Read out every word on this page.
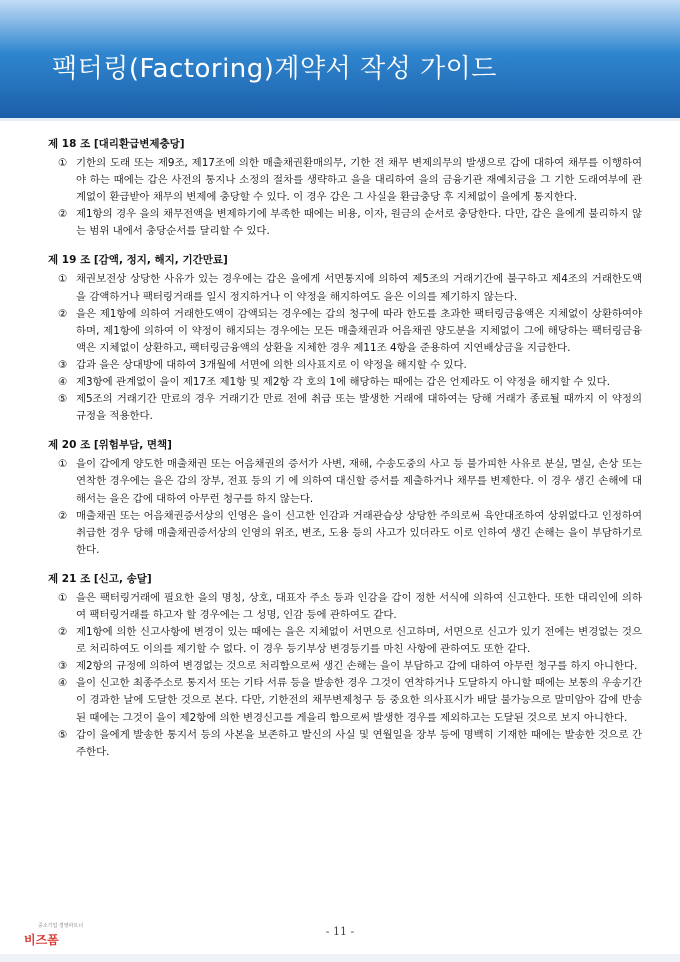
팩터링(Factoring)계약서 작성 가이드
제 18 조 [대리환급변제충당]
① 기한의 도래 또는 제9조, 제17조에 의한 매출채권환매의무, 기한 전 채무 변제의무의 발생으로 갑에 대하여 채무를 이행하여야 하는 때에는 갑은 사전의 통지나 소정의 절차를 생략하고 을을 대리하여 을의 금융기관 재예치금을 그 기한 도래여부에 관계없이 환급받아 채무의 변제에 충당할 수 있다. 이 경우 갑은 그 사실을 환급충당 후 지체없이 을에게 통지한다.
② 제1항의 경우 을의 채무전액을 변제하기에 부족한 때에는 비용, 이자, 원금의 순서로 충당한다. 다만, 갑은 을에게 불리하지 않는 범위 내에서 충당순서를 달리할 수 있다.
제 19 조 [감액, 정지, 해지, 기간만료]
① 채권보전상 상당한 사유가 있는 경우에는 갑은 을에게 서면통지에 의하여 제5조의 거래기간에 불구하고 제4조의 거래한도액을 감액하거나 팩터링거래를 일시 정지하거나 이 약정을 해지하여도 을은 이의를 제기하지 않는다.
② 을은 제1항에 의하여 거래한도액이 감액되는 경우에는 갑의 청구에 따라 한도를 초과한 팩터링금융액은 지체없이 상환하여야 하며, 제1항에 의하여 이 약정이 해지되는 경우에는 모든 매출채권과 어음채권 양도분을 지체없이 그에 해당하는 팩터링금융액은 지체없이 상환하고, 팩터링금융액의 상환을 지체한 경우 제11조 4항을 준용하여 지연배상금을 지급한다.
③ 갑과 을은 상대방에 대하여 3개월에 서면에 의한 의사표지로 이 약정을 해지할 수 있다.
④ 제3항에 관계없이 을이 제17조 제1항 및 제2항 각 호의 1에 해당하는 때에는 갑은 언제라도 이 약정을 해지할 수 있다.
⑤ 제5조의 거래기간 만료의 경우 거래기간 만료 전에 취급 또는 발생한 거래에 대하여는 당해 거래가 종료될 때까지 이 약정의 규정을 적용한다.
제 20 조 [위험부담, 면책]
① 을이 갑에게 양도한 매출채권 또는 어음채권의 증서가 사변, 재해, 수송도중의 사고 등 불가피한 사유로 분실, 멸실, 손상 또는 연착한 경우에는 을은 갑의 장부, 전표 등의 기 에 의하여 대신할 증서를 제출하거나 채무를 변제한다. 이 경우 생긴 손해에 대해서는 을은 갑에 대하여 아무런 청구를 하지 않는다.
② 매출채권 또는 어음채권증서상의 인영은 을이 신고한 인감과 거래관습상 상당한 주의로써 육안대조하여 상위없다고 인정하여 취급한 경우 당해 매출채권증서상의 인영의 위조, 변조, 도용 등의 사고가 있더라도 이로 인하여 생긴 손해는 을이 부담하기로 한다.
제 21 조 [신고, 송달]
① 을은 팩터링거래에 필요한 을의 명칭, 상호, 대표자 주소 등과 인감을 갑이 정한 서식에 의하여 신고한다. 또한 대리인에 의하여 팩터링거래를 하고자 할 경우에는 그 성명, 인감 등에 관하여도 같다.
② 제1항에 의한 신고사항에 변경이 있는 때에는 을은 지체없이 서면으로 신고하며, 서면으로 신고가 있기 전에는 변경없는 것으로 처리하여도 이의를 제기할 수 없다. 이 경우 등기부상 변경등기를 마친 사항에 관하여도 또한 같다.
③ 제2항의 규정에 의하여 변경없는 것으로 처리함으로써 생긴 손해는 을이 부담하고 갑에 대하여 아무런 청구를 하지 아니한다.
④ 을이 신고한 최종주소로 통지서 또는 기타 서류 등을 발송한 경우 그것이 연착하거나 도달하지 아니할 때에는 보통의 우송기간이 경과한 날에 도달한 것으로 본다. 다만, 기한전의 채무변제청구 등 중요한 의사표시가 배달 불가능으로 말미암아 갑에 반송된 때에는 그것이 을이 제2항에 의한 변경신고를 게을리 함으로써 발생한 경우를 제외하고는 도달된 것으로 보지 아니한다.
⑤ 갑이 을에게 발송한 통지서 등의 사본을 보존하고 발신의 사실 및 연월일을 장부 등에 명백히 기재한 때에는 발송한 것으로 간주한다.
중소기업 경영파트너
비즈폼
- 11 -
